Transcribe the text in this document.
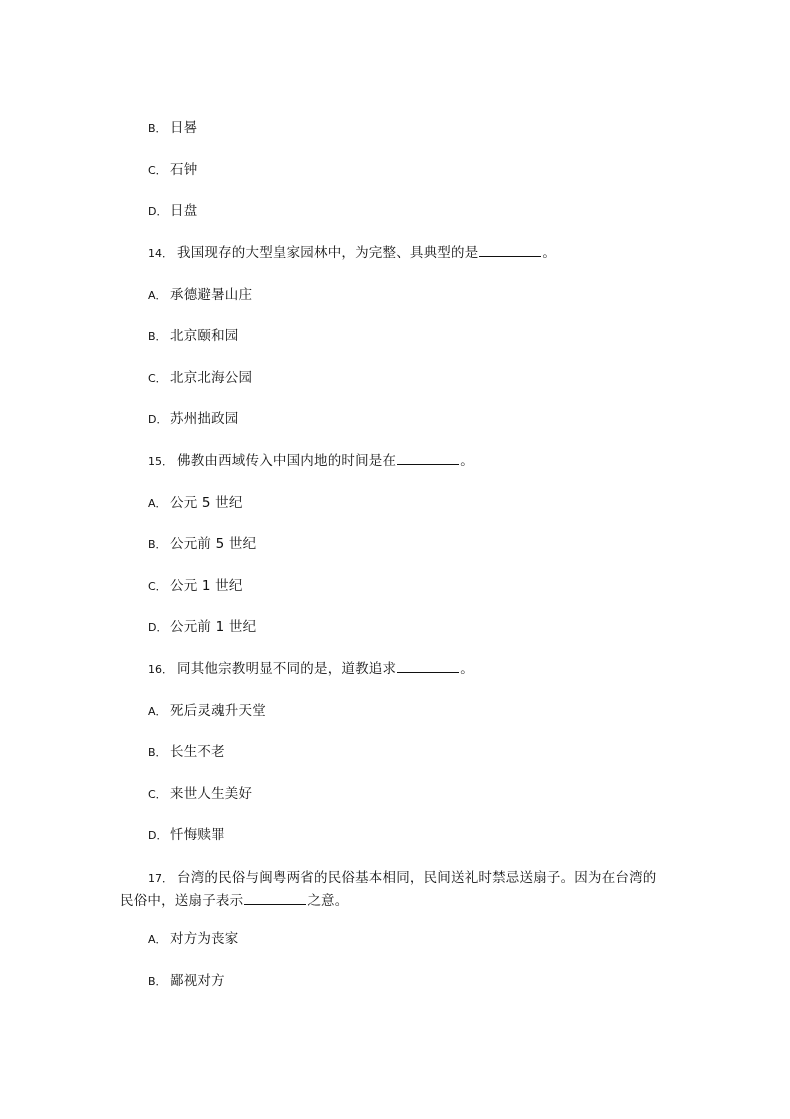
B． 日晷
C． 石钟
D． 日盘
14． 我国现存的大型皇家园林中，为完整、具典型的是	。
A． 承德避暑山庄
B． 北京颐和园
C． 北京北海公园
D． 苏州拙政园
15． 佛教由西域传入中国内地的时间是在	。
A． 公元 5 世纪
B． 公元前 5 世纪
C． 公元 1 世纪
D． 公元前 1 世纪
16． 同其他宗教明显不同的是，道教追求	。
A． 死后灵魂升天堂
B． 长生不老
C． 来世人生美好
D． 忏悔赎罪
17． 台湾的民俗与闽粤两省的民俗基本相同，民间送礼时禁忌送扇子。因为在台湾的
民俗中，送扇子表示	之意。
A． 对方为丧家
B． 鄙视对方
